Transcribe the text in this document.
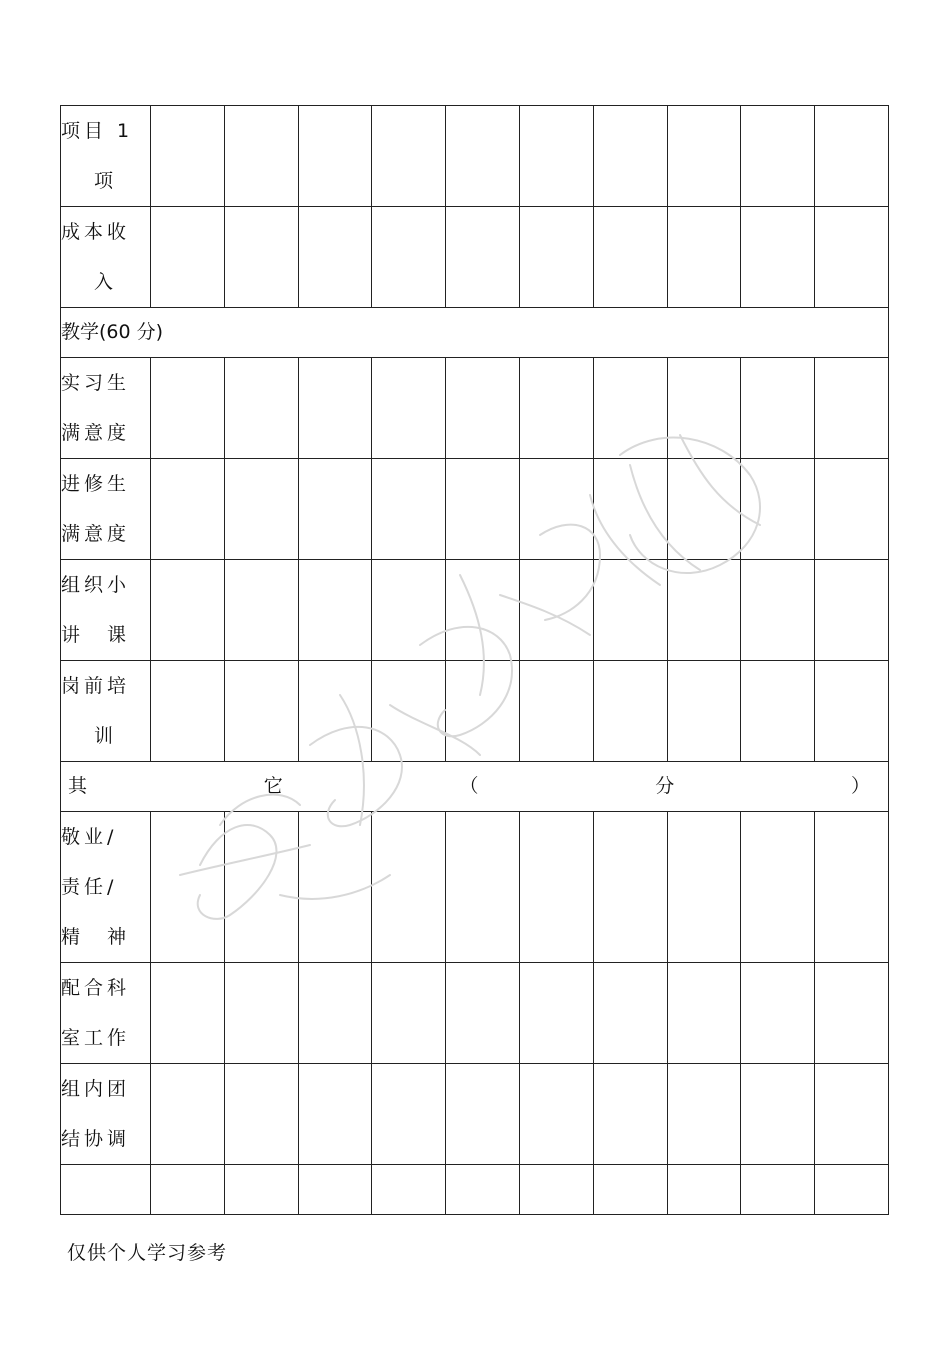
项目 1
项										

成本收
入										

教学(60 分)										

实习生
满意度										

进修生
满意度										

组织小
讲　课										

岗前培
训										

其 它 （ 分 ）										

敬业/
责任/
精　神										

配合科
室工作										

组内团
结协调										

仅供个人学习参考
